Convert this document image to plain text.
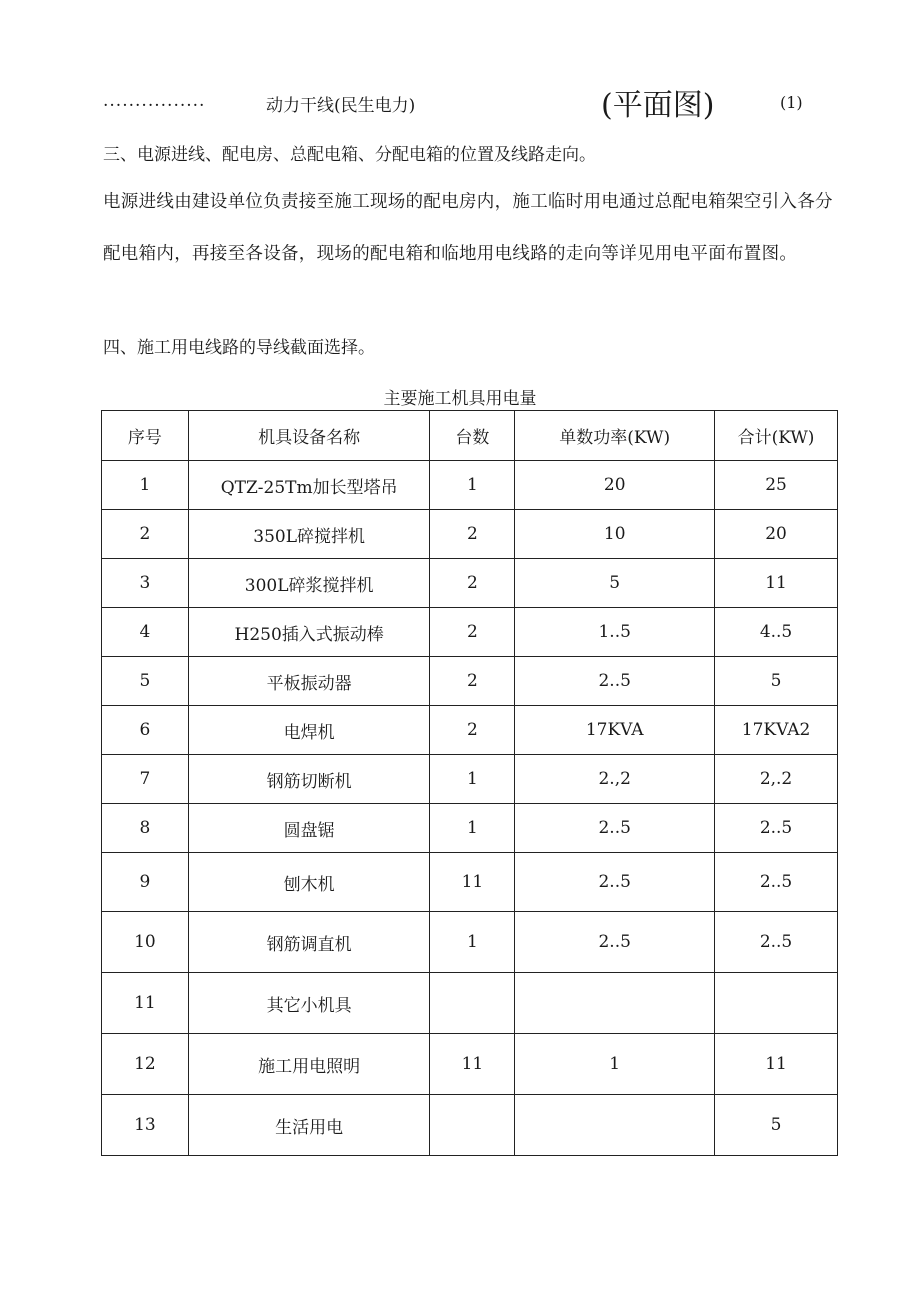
................	动力干线(民生电力)	(平面图)	(1)
三、电源进线、配电房、总配电箱、分配电箱的位置及线路走向。
电源进线由建设单位负责接至施工现场的配电房内，施工临时用电通过总配电箱架空引入各分配电箱内，再接至各设备，现场的配电箱和临地用电线路的走向等详见用电平面布置图。
四、施工用电线路的导线截面选择。
主要施工机具用电量
序号	机具设备名称	台数	单数功率(KW)	合计(KW)
1	QTZ-25Tm加长型塔吊	1	20	25
2	350L碎搅拌机	2	10	20
3	300L碎浆搅拌机	2	5	11
4	H250插入式振动棒	2	1..5	4..5
5	平板振动器	2	2..5	5
6	电焊机	2	17KVA	17KVA2
7	钢筋切断机	1	2.,2	2,.2
8	圆盘锯	1	2..5	2..5
9	刨木机	11	2..5	2..5
10	钢筋调直机	1	2..5	2..5
11	其它小机具			
12	施工用电照明	11	1	11
13	生活用电			5
